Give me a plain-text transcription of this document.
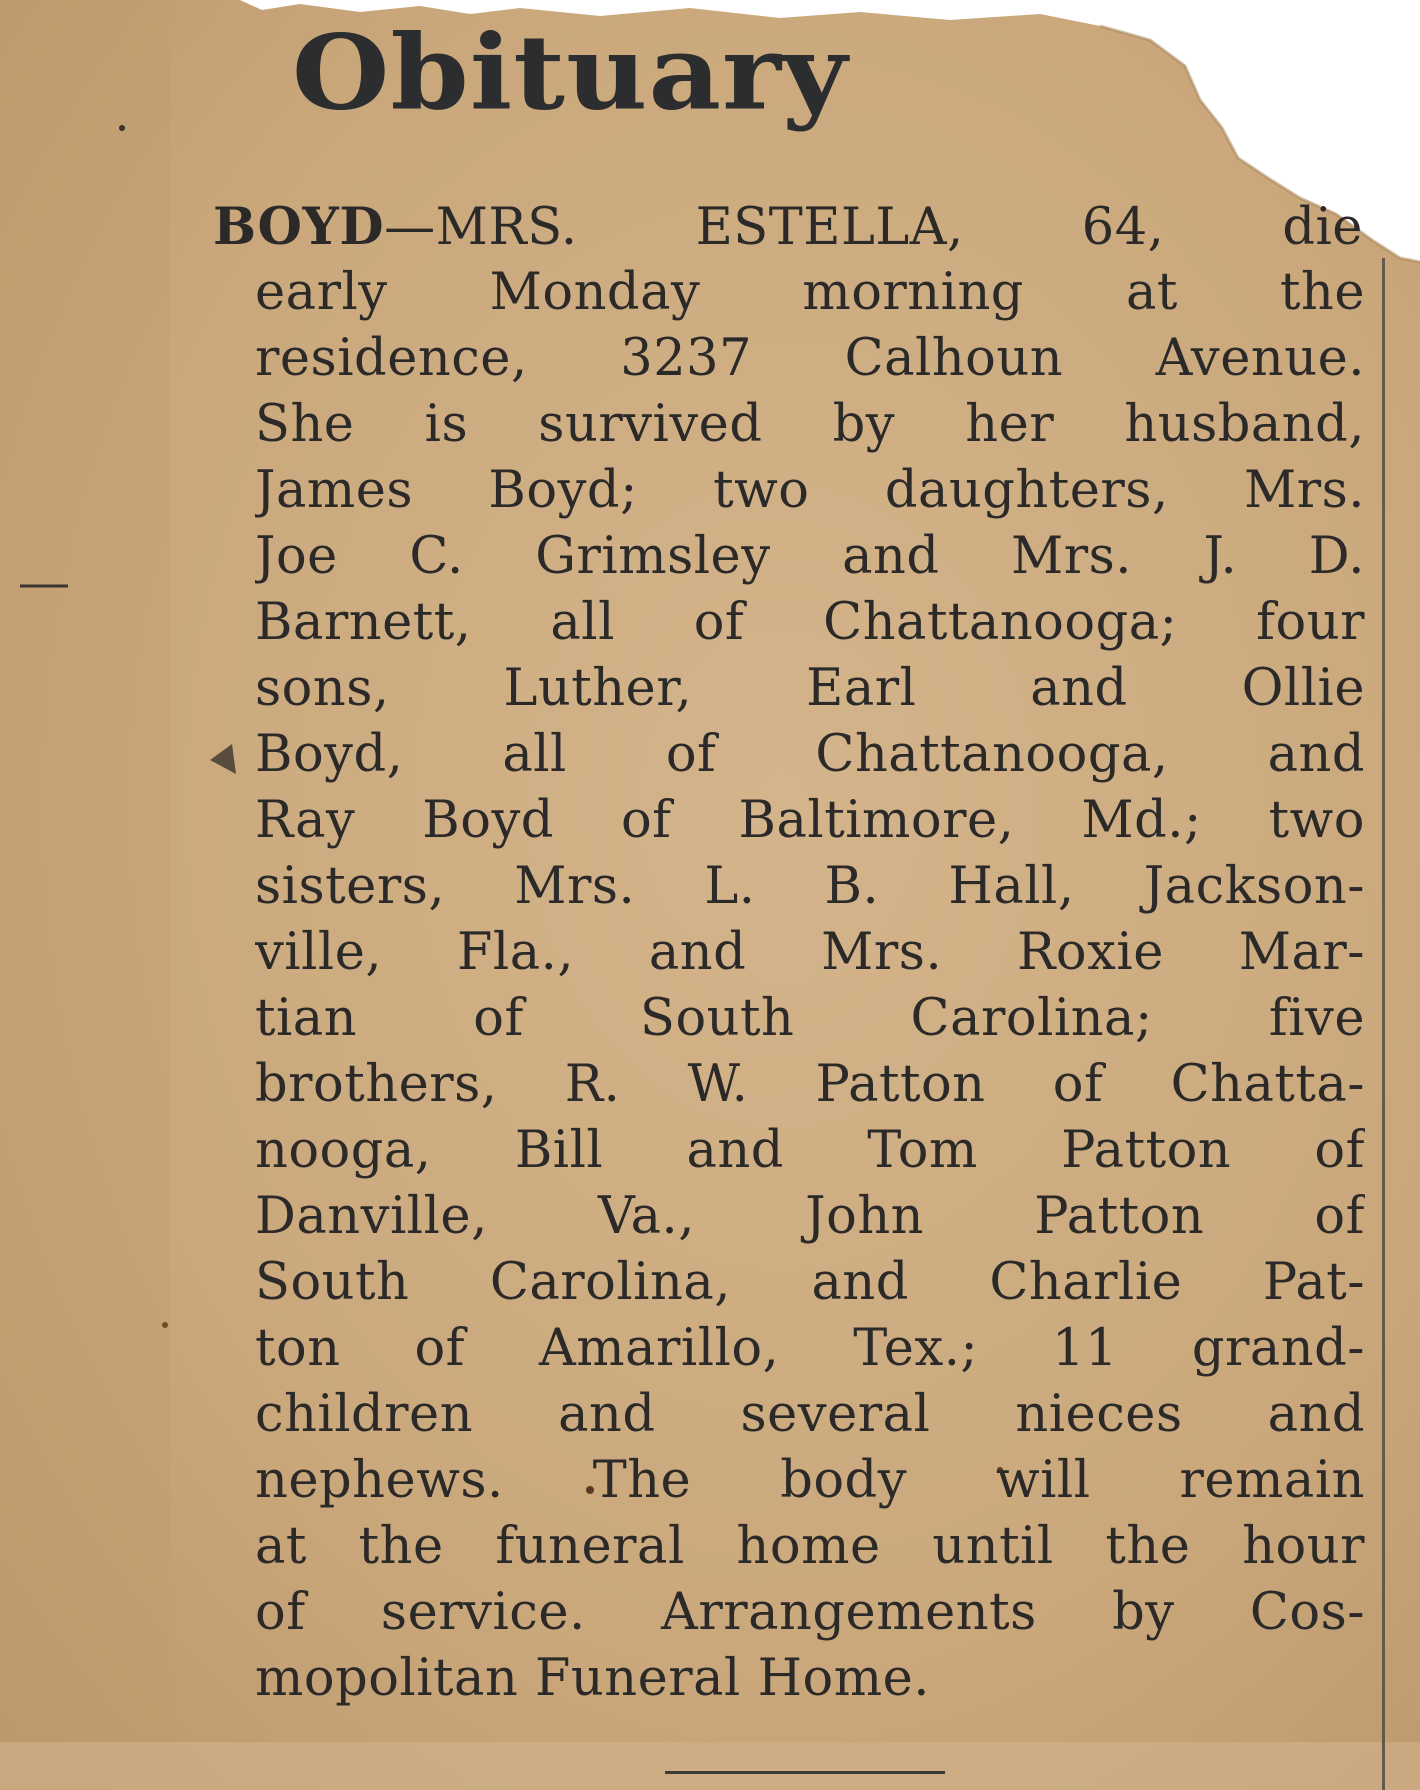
Obituary
BOYD—MRS. ESTELLA, 64, die
early Monday morning at the
residence, 3237 Calhoun Avenue.
She is survived by her husband,
James Boyd; two daughters, Mrs.
Joe C. Grimsley and Mrs. J. D.
Barnett, all of Chattanooga; four
sons, Luther, Earl and Ollie
Boyd, all of Chattanooga, and
Ray Boyd of Baltimore, Md.; two
sisters, Mrs. L. B. Hall, Jackson-
ville, Fla., and Mrs. Roxie Mar-
tian of South Carolina; five
brothers, R. W. Patton of Chatta-
nooga, Bill and Tom Patton of
Danville, Va., John Patton of
South Carolina, and Charlie Pat-
ton of Amarillo, Tex.; 11 grand-
children and several nieces and
nephews. The body will remain
at the funeral home until the hour
of service. Arrangements by Cos-
mopolitan Funeral Home.
